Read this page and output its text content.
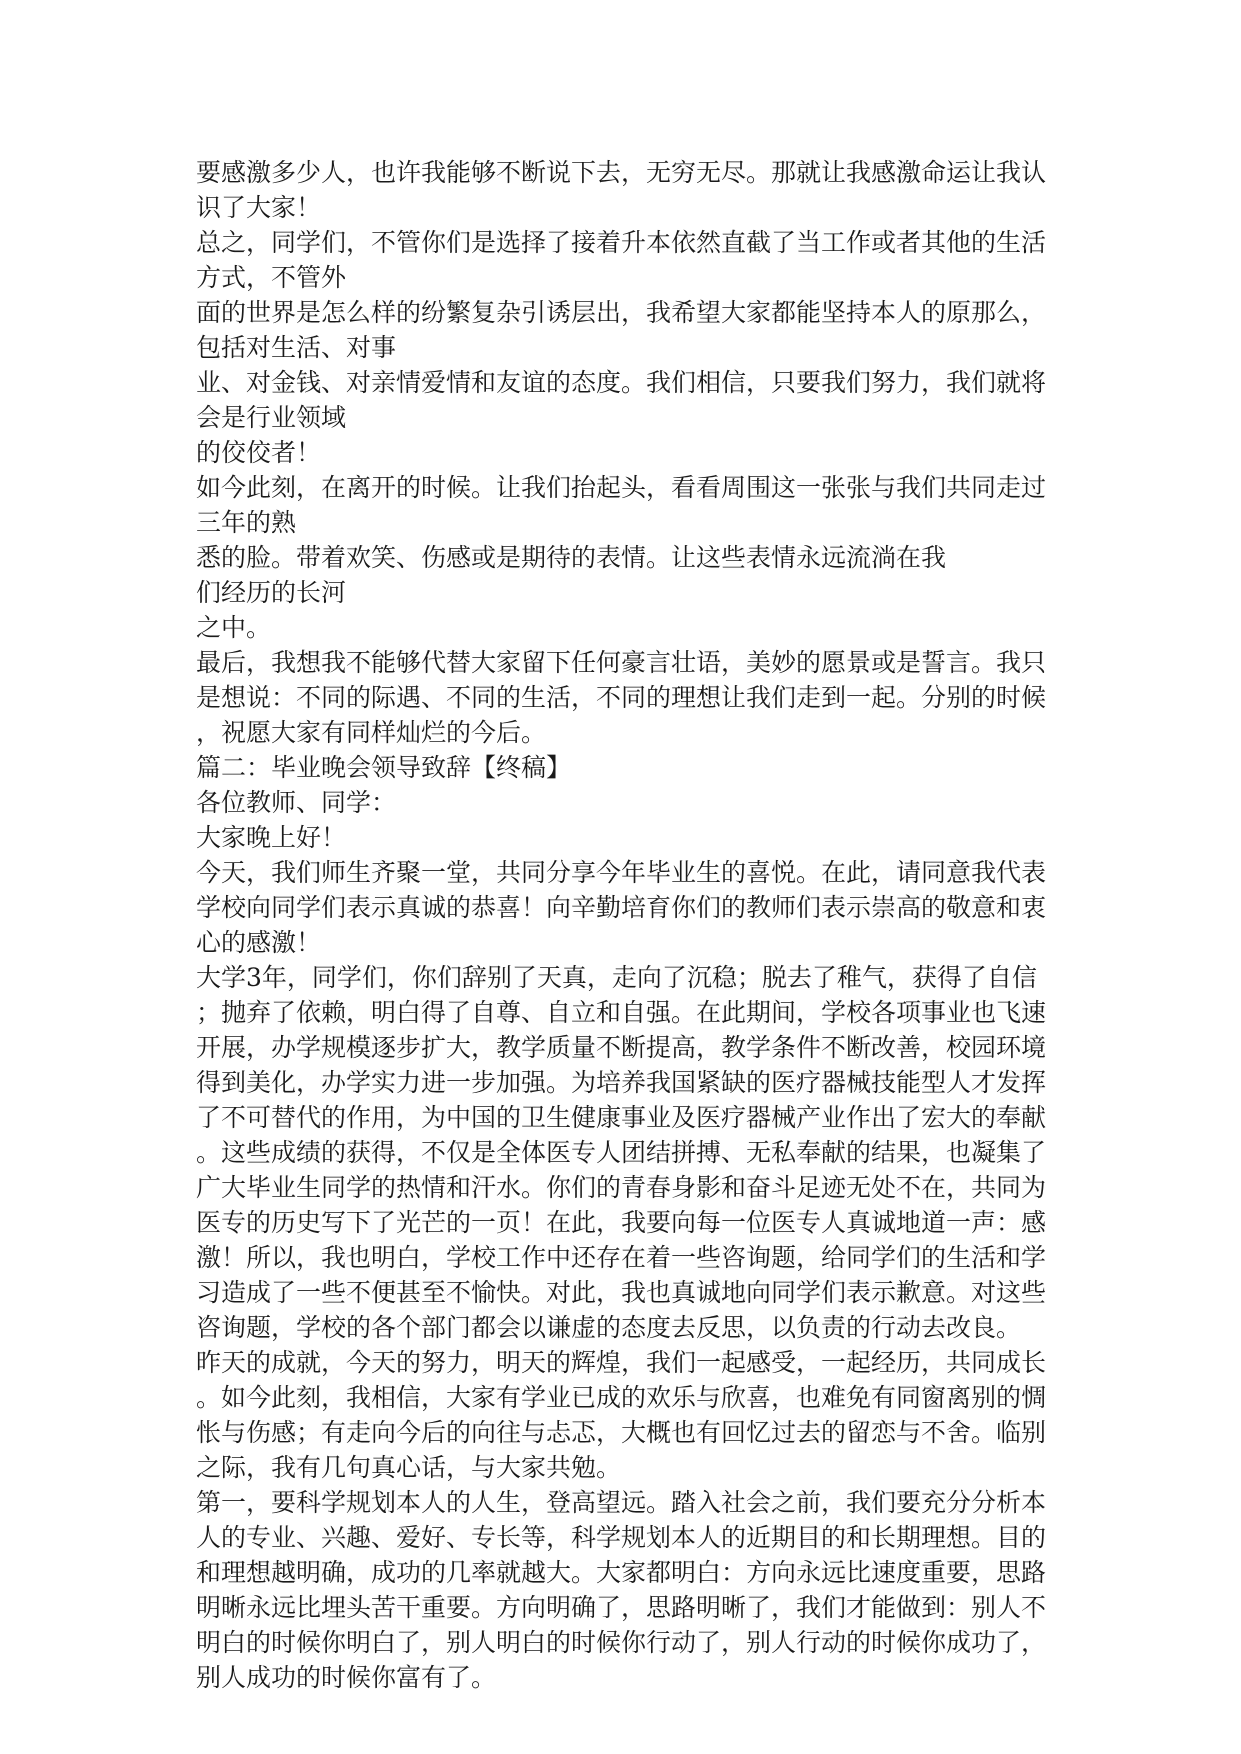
要感激多少人，也许我能够不断说下去，无穷无尽。那就让我感激命运让我认
识了大家！
总之，同学们，不管你们是选择了接着升本依然直截了当工作或者其他的生活
方式，不管外
面的世界是怎么样的纷繁复杂引诱层出，我希望大家都能坚持本人的原那么，
包括对生活、对事
业、对金钱、对亲情爱情和友谊的态度。我们相信，只要我们努力，我们就将
会是行业领域
的佼佼者！
如今此刻，在离开的时候。让我们抬起头，看看周围这一张张与我们共同走过
三年的熟
悉的脸。带着欢笑、伤感或是期待的表情。让这些表情永远流淌在我
们经历的长河
之中。
最后，我想我不能够代替大家留下任何豪言壮语，美妙的愿景或是誓言。我只
是想说：不同的际遇、不同的生活，不同的理想让我们走到一起。分别的时候
，祝愿大家有同样灿烂的今后。
篇二：毕业晚会领导致辞【终稿】
各位教师、同学：
大家晚上好！
今天，我们师生齐聚一堂，共同分享今年毕业生的喜悦。在此，请同意我代表
学校向同学们表示真诚的恭喜！向辛勤培育你们的教师们表示崇高的敬意和衷
心的感激！
大学3年，同学们，你们辞别了天真，走向了沉稳；脱去了稚气，获得了自信
；抛弃了依赖，明白得了自尊、自立和自强。在此期间，学校各项事业也飞速
开展，办学规模逐步扩大，教学质量不断提高，教学条件不断改善，校园环境
得到美化，办学实力进一步加强。为培养我国紧缺的医疗器械技能型人才发挥
了不可替代的作用，为中国的卫生健康事业及医疗器械产业作出了宏大的奉献
。这些成绩的获得，不仅是全体医专人团结拼搏、无私奉献的结果，也凝集了
广大毕业生同学的热情和汗水。你们的青春身影和奋斗足迹无处不在，共同为
医专的历史写下了光芒的一页！在此，我要向每一位医专人真诚地道一声：感
激！所以，我也明白，学校工作中还存在着一些咨询题，给同学们的生活和学
习造成了一些不便甚至不愉快。对此，我也真诚地向同学们表示歉意。对这些
咨询题，学校的各个部门都会以谦虚的态度去反思，以负责的行动去改良。
昨天的成就，今天的努力，明天的辉煌，我们一起感受，一起经历，共同成长
。如今此刻，我相信，大家有学业已成的欢乐与欣喜，也难免有同窗离别的惆
怅与伤感；有走向今后的向往与忐忑，大概也有回忆过去的留恋与不舍。临别
之际，我有几句真心话，与大家共勉。
第一，要科学规划本人的人生，登高望远。踏入社会之前，我们要充分分析本
人的专业、兴趣、爱好、专长等，科学规划本人的近期目的和长期理想。目的
和理想越明确，成功的几率就越大。大家都明白：方向永远比速度重要，思路
明晰永远比埋头苦干重要。方向明确了，思路明晰了，我们才能做到：别人不
明白的时候你明白了，别人明白的时候你行动了，别人行动的时候你成功了，
别人成功的时候你富有了。
